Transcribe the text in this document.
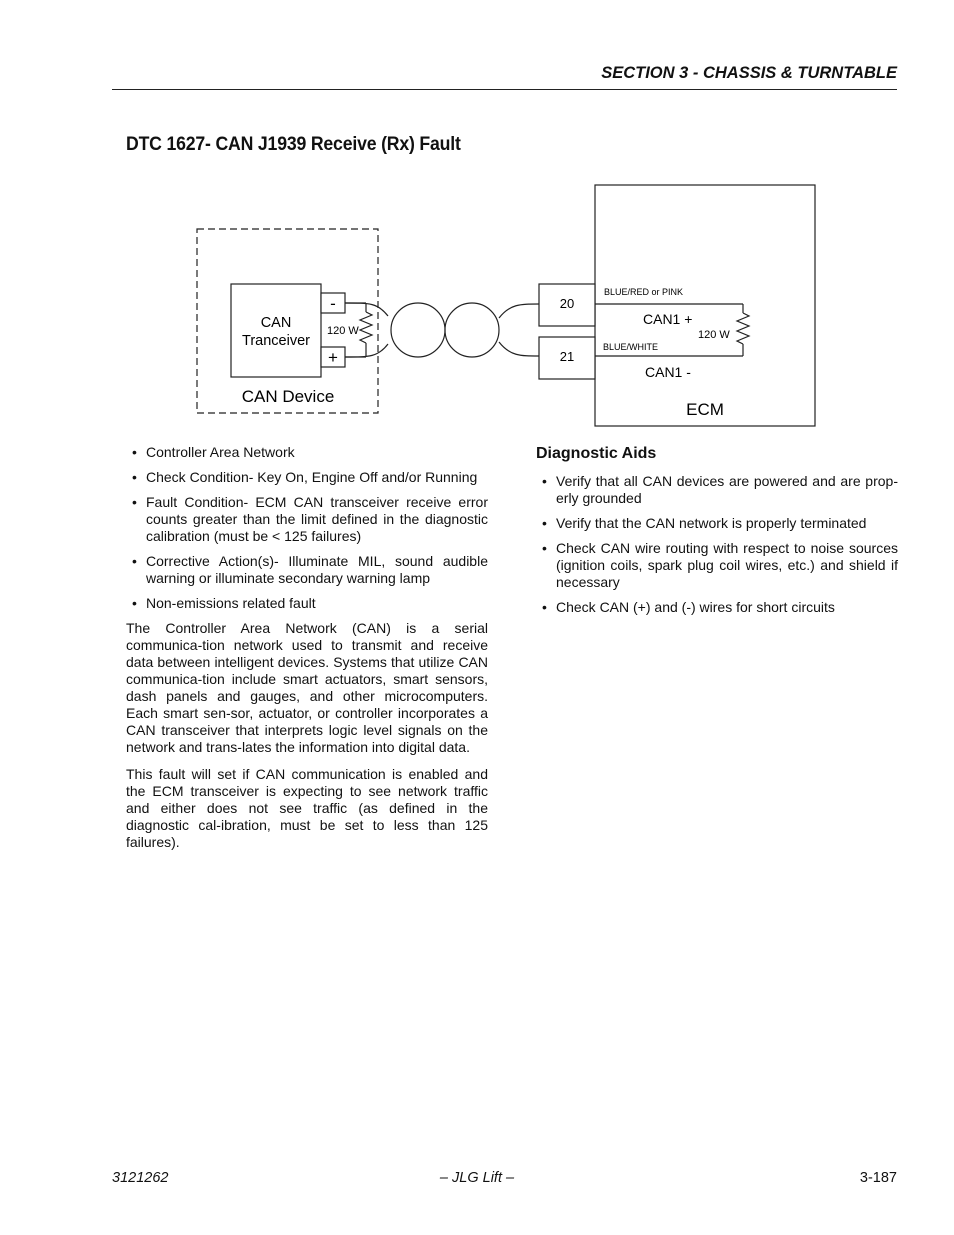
SECTION 3 - CHASSIS & TURNTABLE
DTC 1627- CAN J1939 Receive (Rx) Fault
CAN
Tranceiver
-
+
120 W
CAN Device
20
21
BLUE/RED or PINK
BLUE/WHITE
CAN1 +
120 W
CAN1 -
ECM
• Controller Area Network
• Check Condition- Key On, Engine Off and/or Running
• Fault Condition- ECM CAN transceiver receive error counts greater than the limit defined in the diagnostic calibration (must be < 125 failures)
• Corrective Action(s)- Illuminate MIL, sound audible warning or illuminate secondary warning lamp
• Non-emissions related fault

The Controller Area Network (CAN) is a serial communica-tion network used to transmit and receive data between intelligent devices. Systems that utilize CAN communica-tion include smart actuators, smart sensors, dash panels and gauges, and other microcomputers. Each smart sen-sor, actuator, or controller incorporates a CAN transceiver that interprets logic level signals on the network and trans-lates the information into digital data.

This fault will set if CAN communication is enabled and the ECM transceiver is expecting to see network traffic and either does not see traffic (as defined in the diagnostic cal-ibration, must be set to less than 125 failures).

Diagnostic Aids
• Verify that all CAN devices are powered and are prop-erly grounded
• Verify that the CAN network is properly terminated
• Check CAN wire routing with respect to noise sources (ignition coils, spark plug coil wires, etc.) and shield if necessary
• Check CAN (+) and (-) wires for short circuits
3121262	– JLG Lift –	3-187
